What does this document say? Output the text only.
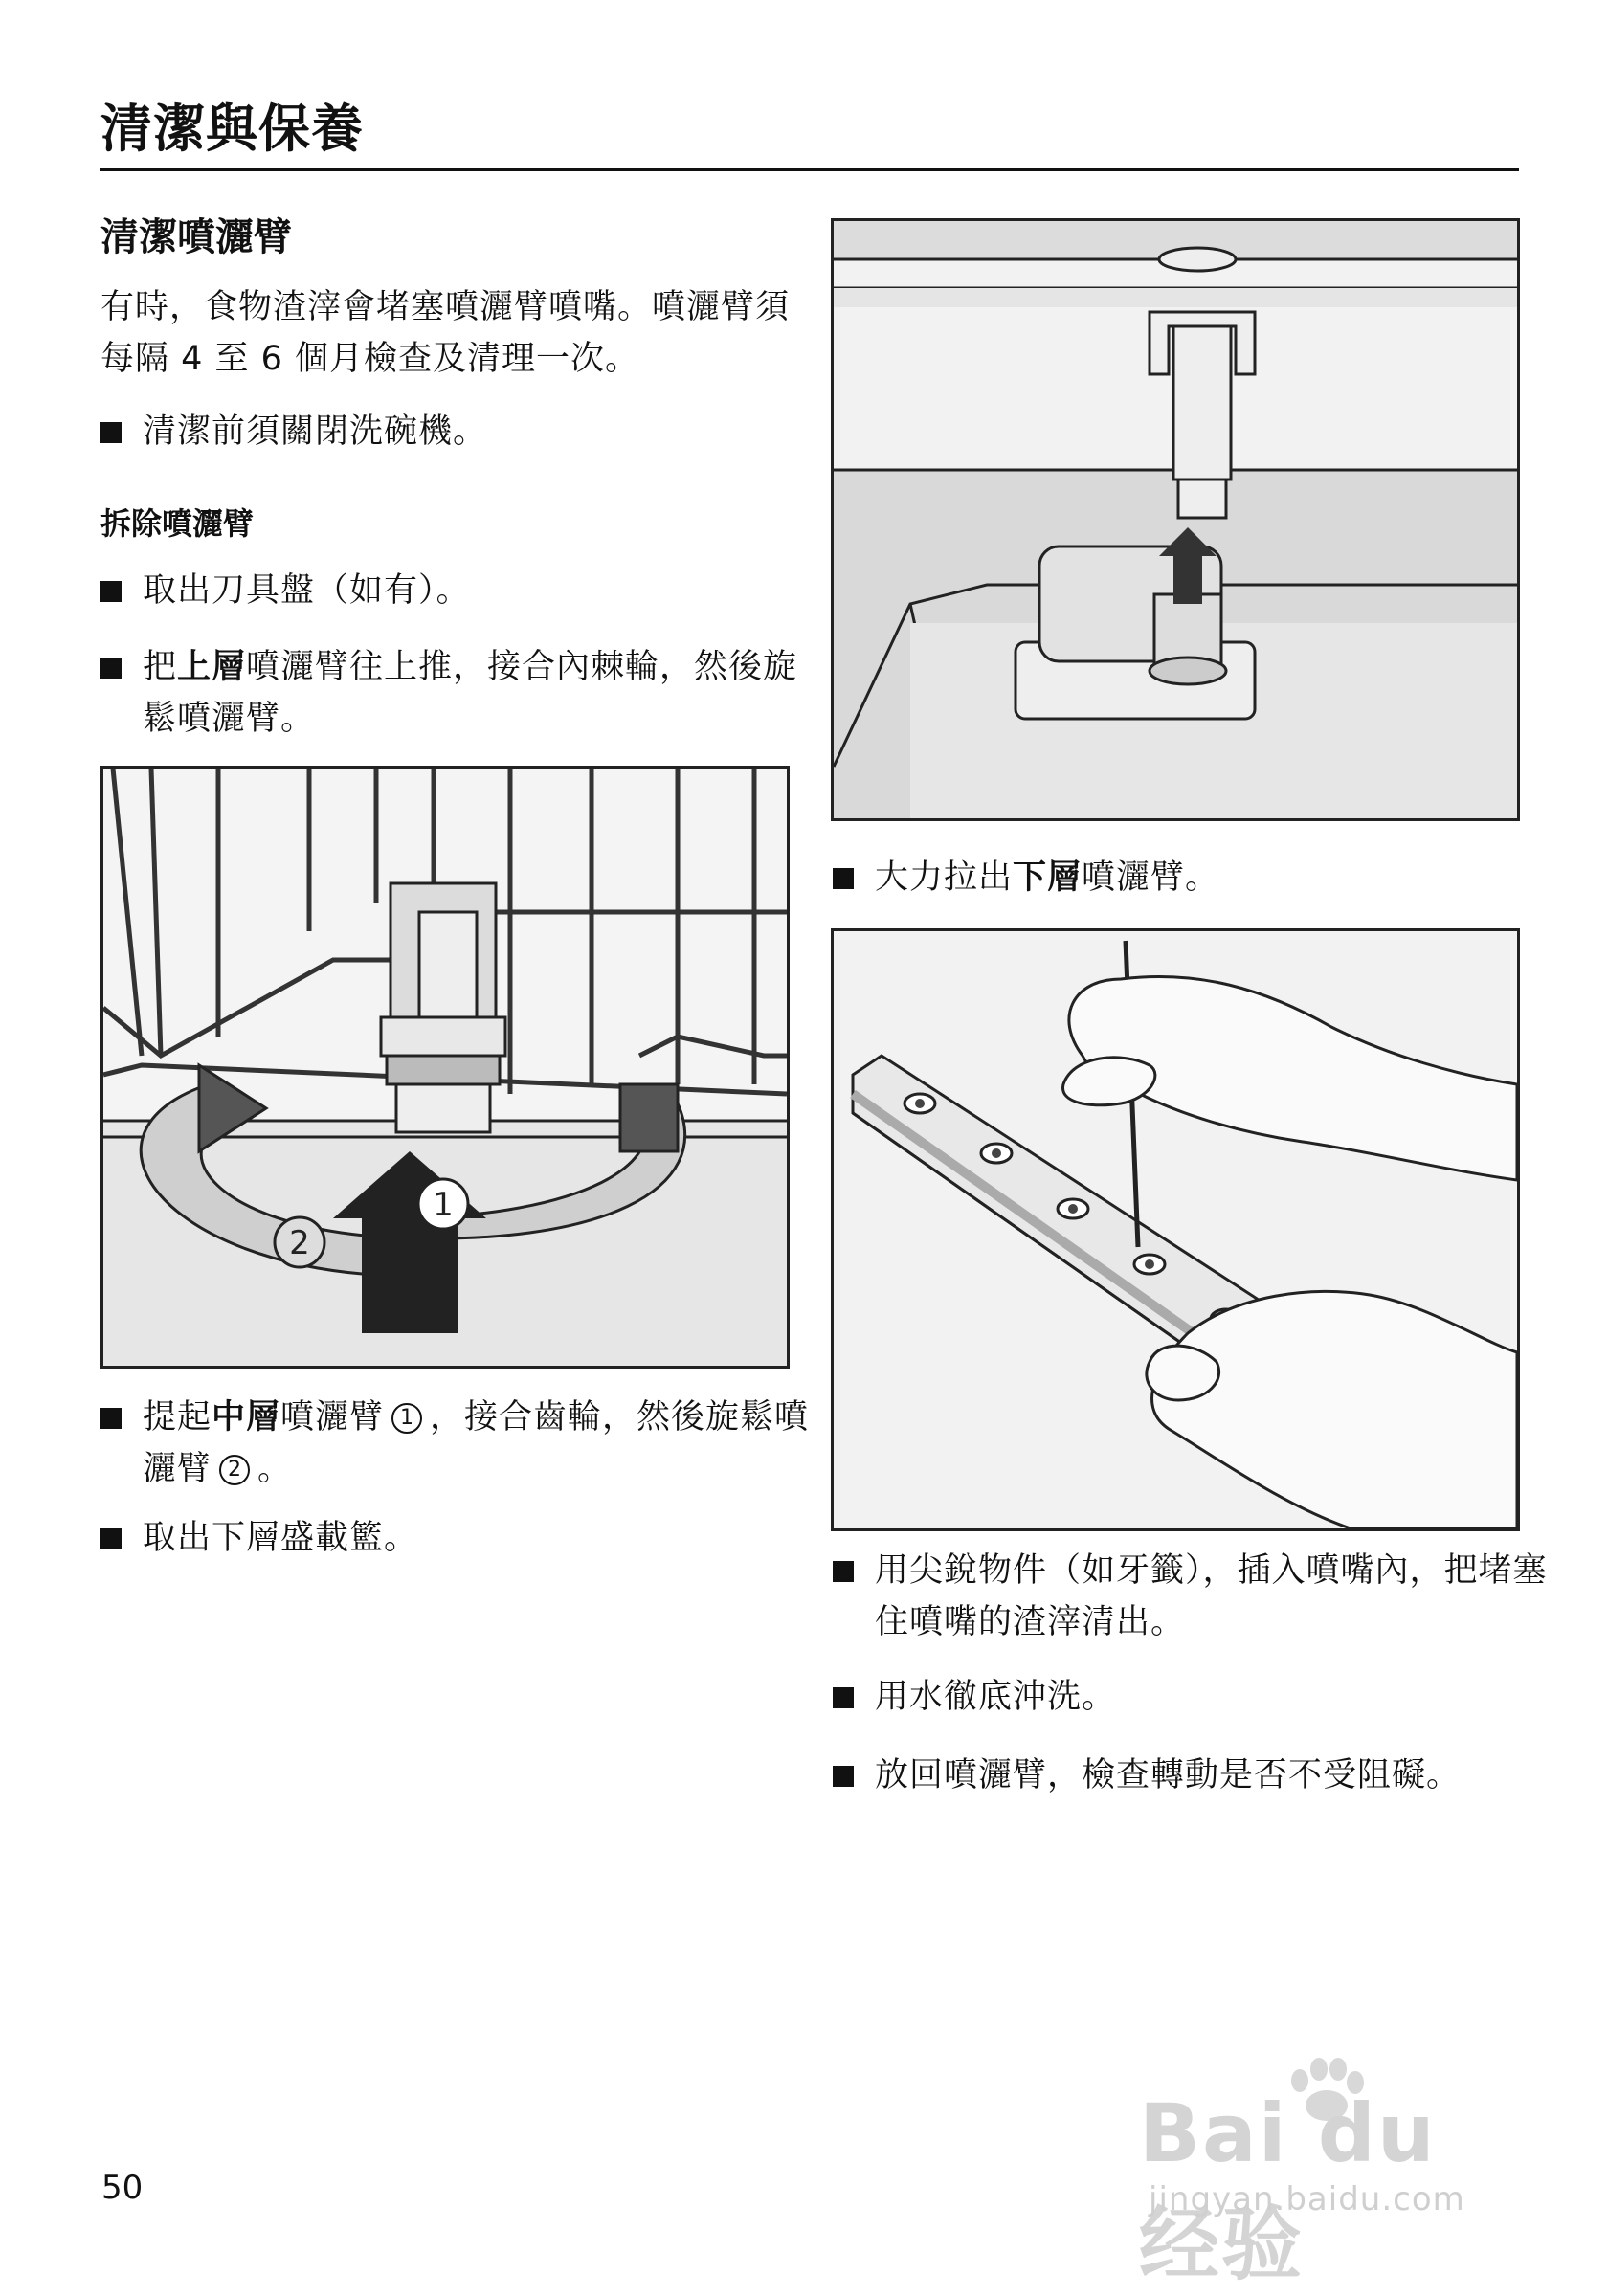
清潔與保養
清潔噴灑臂
有時，食物渣滓會堵塞噴灑臂噴嘴。噴灑臂須每隔 4 至 6 個月檢查及清理一次。
清潔前須關閉洗碗機。
拆除噴灑臂
取出刀具盤（如有）。
把上層噴灑臂往上推，接合內棘輪，然後旋鬆噴灑臂。
2
1
提起中層噴灑臂 1 ，接合齒輪，然後旋鬆噴灑臂 2 。
取出下層盛載籃。
大力拉出下層噴灑臂。
用尖銳物件（如牙籤），插入噴嘴內，把堵塞住噴嘴的渣滓清出。
用水徹底沖洗。
放回噴灑臂，檢查轉動是否不受阻礙。
50
Bai du 经验
jingyan.baidu.com
